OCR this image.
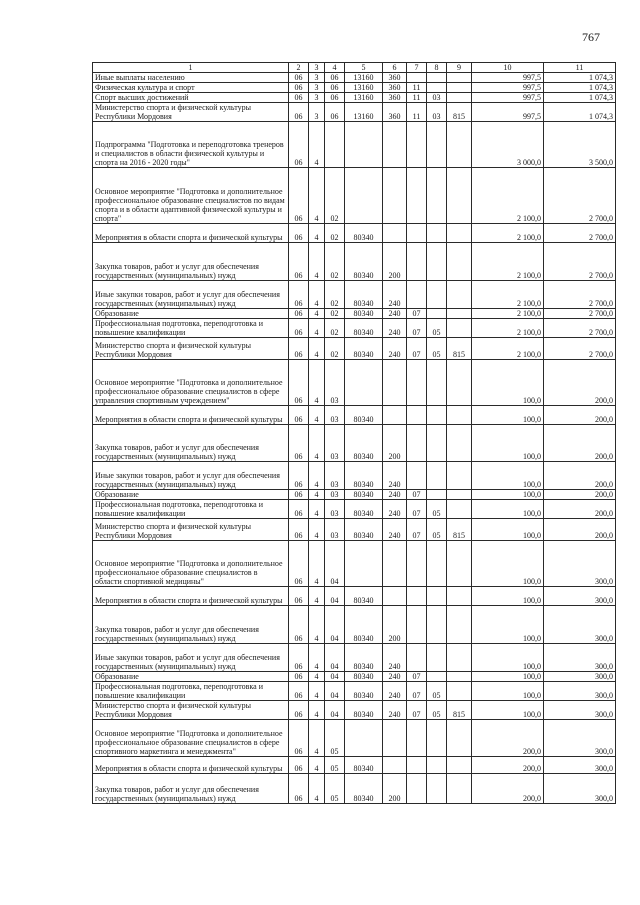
767
1	2	3	4	5	6	7	8	9	10	11
Иные выплаты населению	06	3	06	13160	360				997,5	1 074,3
Физическая культура и спорт	06	3	06	13160	360	11			997,5	1 074,3
Спорт высших достижений	06	3	06	13160	360	11	03		997,5	1 074,3
Министерство спорта и физической культуры Республики Мордовия	06	3	06	13160	360	11	03	815	997,5	1 074,3
Подпрограмма "Подготовка и переподготовка тренеров и специалистов в области физической культуры и спорта на 2016 - 2020 годы"	06	4							3 000,0	3 500,0
Основное мероприятие "Подготовка и дополнительное профессиональное образование специалистов по видам спорта и в области адаптивной физической культуры и спорта"	06	4	02						2 100,0	2 700,0
Мероприятия в области спорта и физической культуры	06	4	02	80340					2 100,0	2 700,0
Закупка товаров, работ и услуг для обеспечения государственных (муниципальных) нужд	06	4	02	80340	200				2 100,0	2 700,0
Иные закупки товаров, работ и услуг для обеспечения государственных (муниципальных) нужд	06	4	02	80340	240				2 100,0	2 700,0
Образование	06	4	02	80340	240	07			2 100,0	2 700,0
Профессиональная подготовка, переподготовка и повышение квалификации	06	4	02	80340	240	07	05		2 100,0	2 700,0
Министерство спорта и физической культуры Республики Мордовия	06	4	02	80340	240	07	05	815	2 100,0	2 700,0
Основное мероприятие "Подготовка и дополнительное профессиональное образование специалистов в сфере управления спортивным учреждением"	06	4	03						100,0	200,0
Мероприятия в области спорта и физической культуры	06	4	03	80340					100,0	200,0
Закупка товаров, работ и услуг для обеспечения государственных (муниципальных) нужд	06	4	03	80340	200				100,0	200,0
Иные закупки товаров, работ и услуг для обеспечения государственных (муниципальных) нужд	06	4	03	80340	240				100,0	200,0
Образование	06	4	03	80340	240	07			100,0	200,0
Профессиональная подготовка, переподготовка и повышение квалификации	06	4	03	80340	240	07	05		100,0	200,0
Министерство спорта и физической культуры Республики Мордовия	06	4	03	80340	240	07	05	815	100,0	200,0
Основное мероприятие "Подготовка и дополнительное профессиональное образование специалистов в области спортивной медицины"	06	4	04						100,0	300,0
Мероприятия в области спорта и физической культуры	06	4	04	80340					100,0	300,0
Закупка товаров, работ и услуг для обеспечения государственных (муниципальных) нужд	06	4	04	80340	200				100,0	300,0
Иные закупки товаров, работ и услуг для обеспечения государственных (муниципальных) нужд	06	4	04	80340	240				100,0	300,0
Образование	06	4	04	80340	240	07			100,0	300,0
Профессиональная подготовка, переподготовка и повышение квалификации	06	4	04	80340	240	07	05		100,0	300,0
Министерство спорта и физической культуры Республики Мордовия	06	4	04	80340	240	07	05	815	100,0	300,0
Основное мероприятие "Подготовка и дополнительное профессиональное образование специалистов в сфере спортивного маркетинга и менеджмента"	06	4	05						200,0	300,0
Мероприятия в области спорта и физической культуры	06	4	05	80340					200,0	300,0
Закупка товаров, работ и услуг для обеспечения государственных (муниципальных) нужд	06	4	05	80340	200				200,0	300,0
